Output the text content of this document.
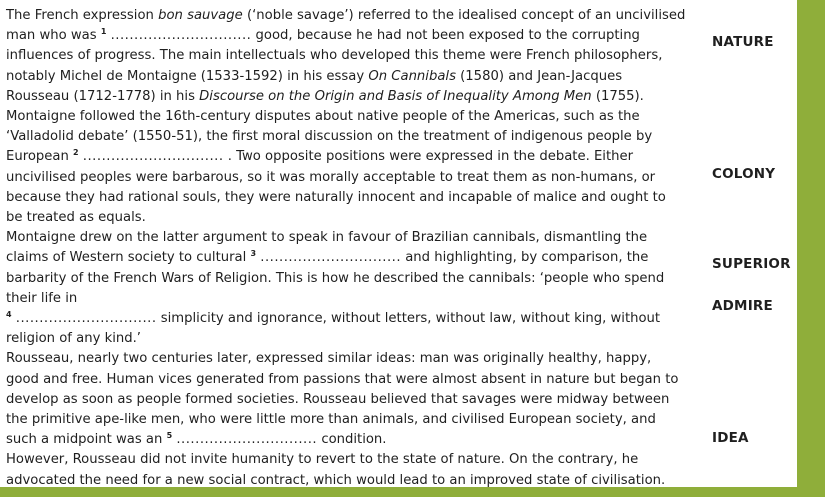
The French expression bon sauvage (‘noble savage’) referred to the idealised concept of an uncivilised man who was $^1$ .............................. good, because he had not been exposed to the corrupting influences of progress. The main intellectuals who developed this theme were French philosophers, notably Michel de Montaigne (1533-1592) in his essay On Cannibals (1580) and Jean-Jacques Rousseau (1712-1778) in his Discourse on the Origin and Basis of Inequality Among Men (1755).

Montaigne followed the 16th-century disputes about native people of the Americas, such as the ‘Valladolid debate’ (1550-51), the first moral discussion on the treatment of indigenous people by European $^2$ .............................. . Two opposite positions were expressed in the debate. Either uncivilised peoples were barbarous, so it was morally acceptable to treat them as non-humans, or because they had rational souls, they were naturally innocent and incapable of malice and ought to be treated as equals.

Montaigne drew on the latter argument to speak in favour of Brazilian cannibals, dismantling the claims of Western society to cultural $^3$ .............................. and highlighting, by comparison, the barbarity of the French Wars of Religion. This is how he described the cannibals: ‘people who spend their life in
$^4$ .............................. simplicity and ignorance, without letters, without law, without king, without religion of any kind.’

Rousseau, nearly two centuries later, expressed similar ideas: man was originally healthy, happy, good and free. Human vices generated from passions that were almost absent in nature but began to develop as soon as people formed societies. Rousseau believed that savages were midway between the primitive ape-like men, who were little more than animals, and civilised European society, and such a midpoint was an $^5$ .............................. condition.

However, Rousseau did not invite humanity to revert to the state of nature. On the contrary, he advocated the need for a new social contract, which would lead to an improved state of civilisation.

NATURE
COLONY
SUPERIOR
ADMIRE
IDEA
